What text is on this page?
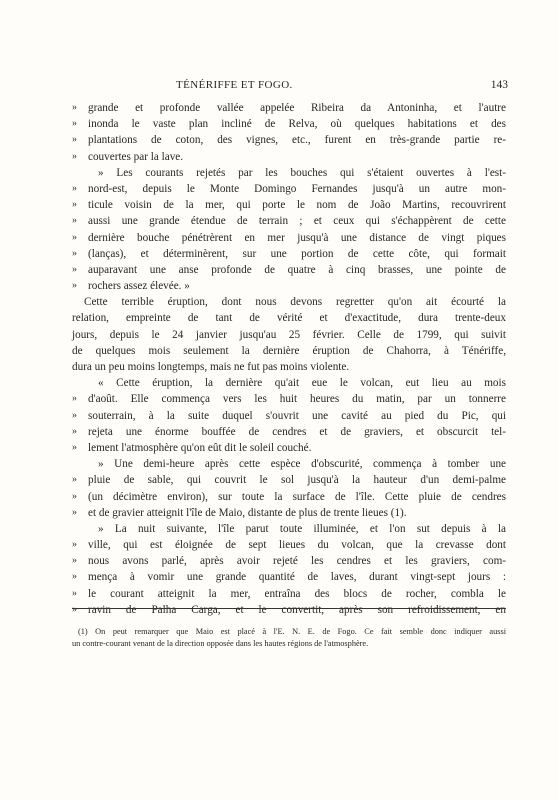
TÉNÉRIFFE ET FOGO.	143
» grande et profonde vallée appelée Ribeira da Antoninha, et l'autre
» inonda le vaste plan incliné de Relva, où quelques habitations et des
» plantations de coton, des vignes, etc., furent en très-grande partie re-
» couvertes par la lave.
» Les courants rejetés par les bouches qui s'étaient ouvertes à l'est-
» nord-est, depuis le Monte Domingo Fernandes jusqu'à un autre mon-
» ticule voisin de la mer, qui porte le nom de João Martins, recouvrirent
» aussi une grande étendue de terrain ; et ceux qui s'échappèrent de cette
» dernière bouche pénétrèrent en mer jusqu'à une distance de vingt piques
» (lanças), et déterminèrent, sur une portion de cette côte, qui formait
» auparavant une anse profonde de quatre à cinq brasses, une pointe de
» rochers assez élevée. »
Cette terrible éruption, dont nous devons regretter qu'on ait écourté la
relation, empreinte de tant de vérité et d'exactitude, dura trente-deux
jours, depuis le 24 janvier jusqu'au 25 février. Celle de 1799, qui suivit
de quelques mois seulement la dernière éruption de Chahorra, à Ténériffe,
dura un peu moins longtemps, mais ne fut pas moins violente.
« Cette éruption, la dernière qu'ait eue le volcan, eut lieu au mois
» d'août. Elle commença vers les huit heures du matin, par un tonnerre
» souterrain, à la suite duquel s'ouvrit une cavité au pied du Pic, qui
» rejeta une énorme bouffée de cendres et de graviers, et obscurcit tel-
» lement l'atmosphère qu'on eût dit le soleil couché.
» Une demi-heure après cette espèce d'obscurité, commença à tomber une
» pluie de sable, qui couvrit le sol jusqu'à la hauteur d'un demi-palme
» (un décimètre environ), sur toute la surface de l'île. Cette pluie de cendres
» et de gravier atteignit l'île de Maio, distante de plus de trente lieues (1).
» La nuit suivante, l'île parut toute illuminée, et l'on sut depuis à la
» ville, qui est éloignée de sept lieues du volcan, que la crevasse dont
» nous avons parlé, après avoir rejeté les cendres et les graviers, com-
» mença à vomir une grande quantité de laves, durant vingt-sept jours :
» le courant atteignit la mer, entraîna des blocs de rocher, combla le
» ravin de Palha Carga, et le convertit, après son refroidissement, en
(1) On peut remarquer que Maio est placé à l'E. N. E. de Fogo. Ce fait semble donc indiquer aussi
un contre-courant venant de la direction opposée dans les hautes régions de l'atmosphère.
